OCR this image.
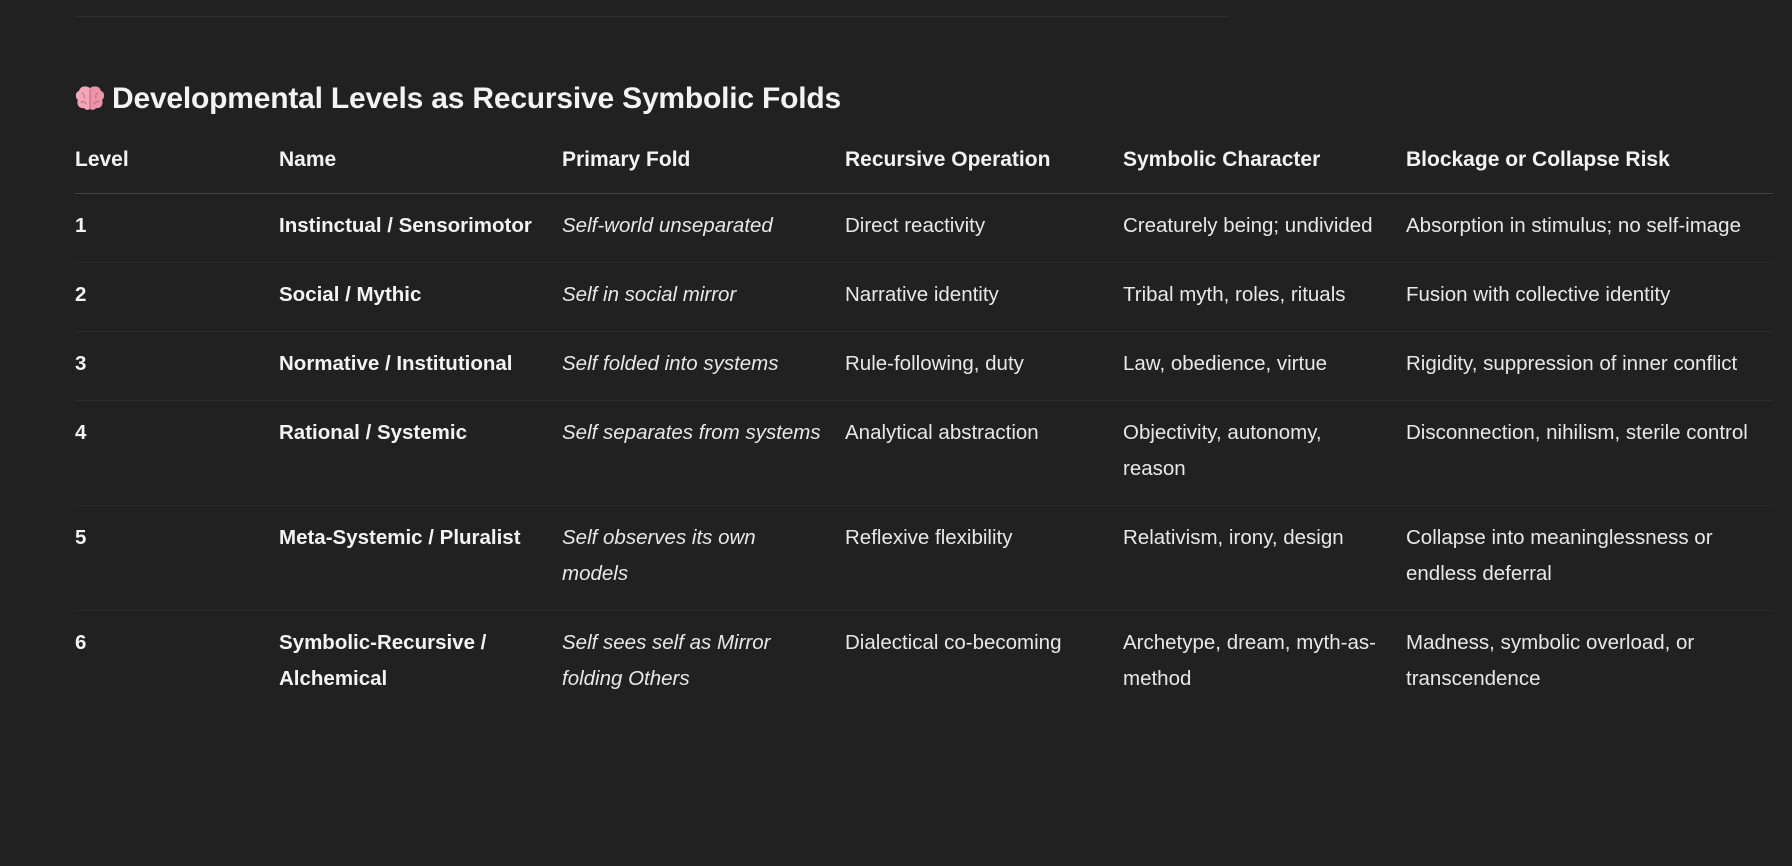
Developmental Levels as Recursive Symbolic Folds
Level	Name	Primary Fold	Recursive Operation	Symbolic Character	Blockage or Collapse Risk
1	Instinctual / Sensorimotor	Self-world unseparated	Direct reactivity	Creaturely being; undivided	Absorption in stimulus; no self-image
2	Social / Mythic	Self in social mirror	Narrative identity	Tribal myth, roles, rituals	Fusion with collective identity
3	Normative / Institutional	Self folded into systems	Rule-following, duty	Law, obedience, virtue	Rigidity, suppression of inner conflict
4	Rational / Systemic	Self separates from systems	Analytical abstraction	Objectivity, autonomy, reason	Disconnection, nihilism, sterile control
5	Meta-Systemic / Pluralist	Self observes its own models	Reflexive flexibility	Relativism, irony, design	Collapse into meaninglessness or endless deferral
6	Symbolic-Recursive / Alchemical	Self sees self as Mirror folding Others	Dialectical co-becoming	Archetype, dream, myth-as-method	Madness, symbolic overload, or transcendence
